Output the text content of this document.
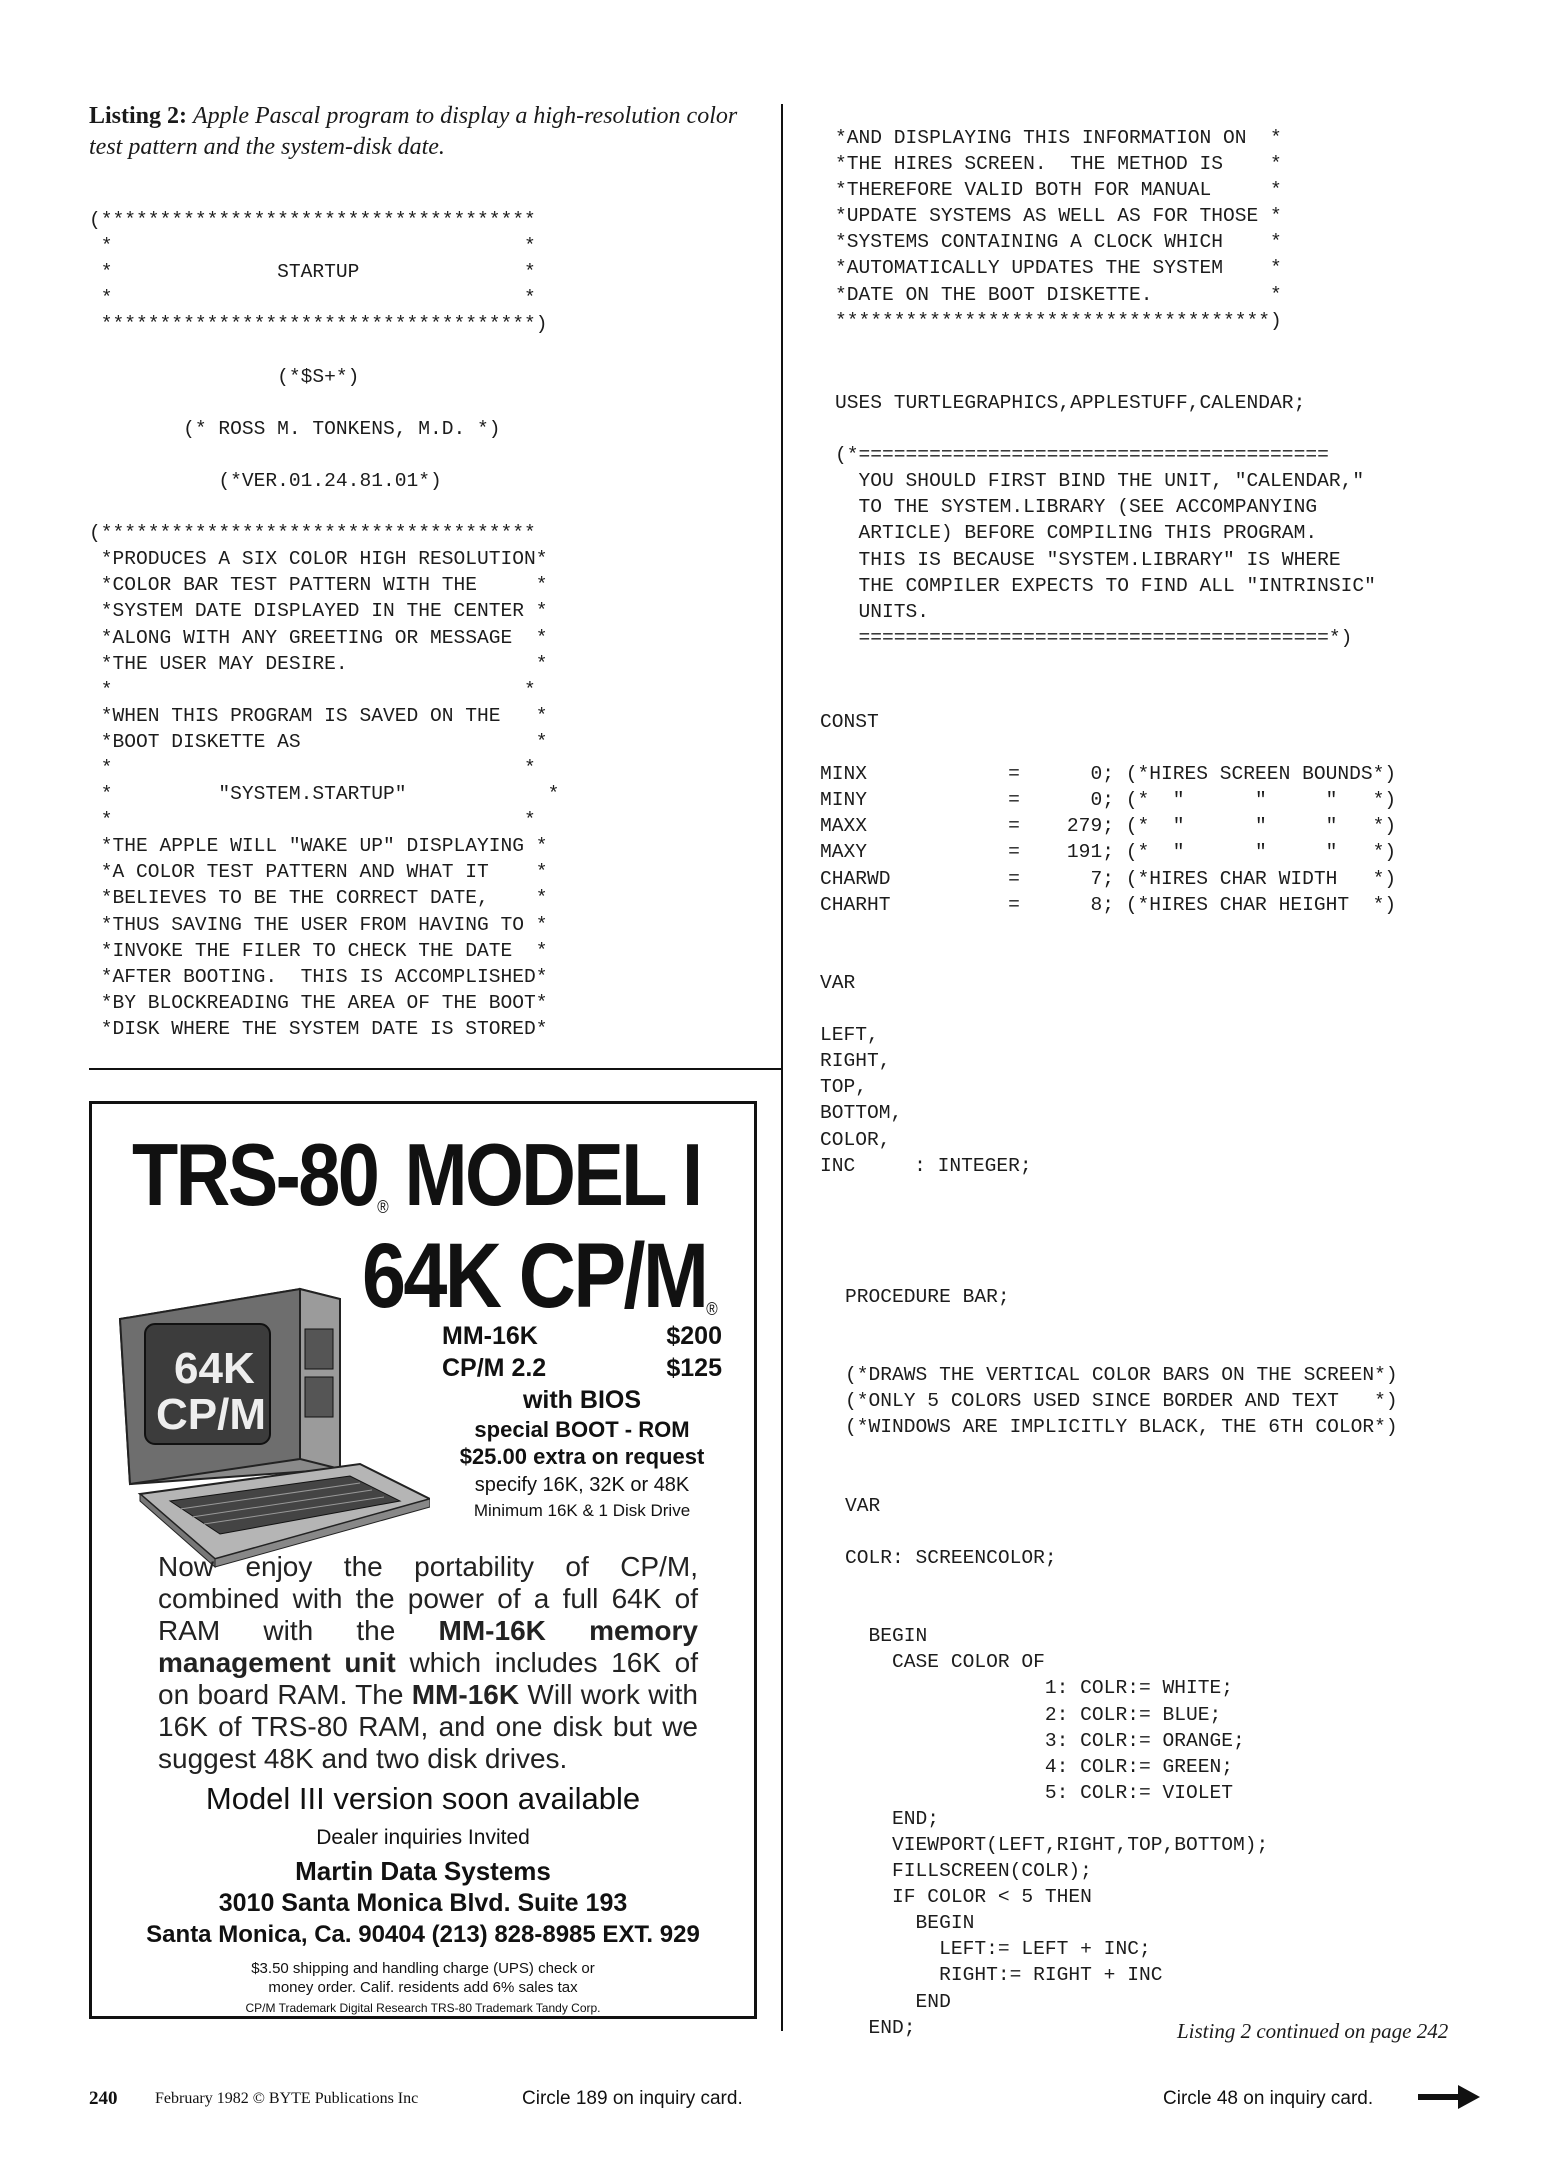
Listing 2: Apple Pascal program to display a high-resolution color test pattern and the system-disk date.
(*************************************
*                                   *
*              STARTUP              *
*                                   *
*************************************)

(*$S+*)

(* ROSS M. TONKENS, M.D. *)

(*VER.01.24.81.01*)

(*************************************
*PRODUCES A SIX COLOR HIGH RESOLUTION*
*COLOR BAR TEST PATTERN WITH THE     *
*SYSTEM DATE DISPLAYED IN THE CENTER *
*ALONG WITH ANY GREETING OR MESSAGE  *
*THE USER MAY DESIRE.                *
*                                   *
*WHEN THIS PROGRAM IS SAVED ON THE   *
*BOOT DISKETTE AS                    *
*                                   *
*         "SYSTEM.STARTUP"            *
*                                   *
*THE APPLE WILL "WAKE UP" DISPLAYING *
*A COLOR TEST PATTERN AND WHAT IT    *
*BELIEVES TO BE THE CORRECT DATE,    *
*THUS SAVING THE USER FROM HAVING TO *
*INVOKE THE FILER TO CHECK THE DATE  *
*AFTER BOOTING.  THIS IS ACCOMPLISHED*
*BY BLOCKREADING THE AREA OF THE BOOT*
*DISK WHERE THE SYSTEM DATE IS STORED*
*AND DISPLAYING THIS INFORMATION ON  *
*THE HIRES SCREEN.  THE METHOD IS    *
*THEREFORE VALID BOTH FOR MANUAL     *
*UPDATE SYSTEMS AS WELL AS FOR THOSE *
*SYSTEMS CONTAINING A CLOCK WHICH    *
*AUTOMATICALLY UPDATES THE SYSTEM    *
*DATE ON THE BOOT DISKETTE.          *
*************************************)
USES TURTLEGRAPHICS,APPLESTUFF,CALENDAR;

(*========================================
YOU SHOULD FIRST BIND THE UNIT, "CALENDAR,"
TO THE SYSTEM.LIBRARY (SEE ACCOMPANYING
ARTICLE) BEFORE COMPILING THIS PROGRAM.
THIS IS BECAUSE "SYSTEM.LIBRARY" IS WHERE
THE COMPILER EXPECTS TO FIND ALL "INTRINSIC"
UNITS.
========================================*)
CONST

MINX            =      0; (*HIRES SCREEN BOUNDS*)
MINY            =      0; (*  "      "     "   *)
MAXX            =    279; (*  "      "     "   *)
MAXY            =    191; (*  "      "     "   *)
CHARWD          =      7; (*HIRES CHAR WIDTH   *)
CHARHT          =      8; (*HIRES CHAR HEIGHT  *)

VAR

LEFT,
RIGHT,
TOP,
BOTTOM,
COLOR,
INC     : INTEGER;
PROCEDURE BAR;

(*DRAWS THE VERTICAL COLOR BARS ON THE SCREEN*)
(*ONLY 5 COLORS USED SINCE BORDER AND TEXT   *)
(*WINDOWS ARE IMPLICITLY BLACK, THE 6TH COLOR*)

VAR

COLR: SCREENCOLOR;

BEGIN
CASE COLOR OF
1: COLR:= WHITE;
2: COLR:= BLUE;
3: COLR:= ORANGE;
4: COLR:= GREEN;
5: COLR:= VIOLET
END;
VIEWPORT(LEFT,RIGHT,TOP,BOTTOM);
FILLSCREEN(COLR);
IF COLOR < 5 THEN
BEGIN
LEFT:= LEFT + INC;
RIGHT:= RIGHT + INC
END
END;	Listing 2 continued on page 242
TRS-80® MODEL I
64K CP/M®
64K
CP/M
MM-16K	$200
CP/M 2.2	$125
with BIOS
special BOOT - ROM
$25.00 extra on request
specify 16K, 32K or 48K
Minimum 16K & 1 Disk Drive
Now enjoy the portability of CP/M, combined with the power of a full 64K of RAM with the MM-16K memory management unit which includes 16K of on board RAM. The MM-16K Will work with 16K of TRS-80 RAM, and one disk but we suggest 48K and two disk drives.
Model III version soon available
Dealer inquiries Invited
Martin Data Systems
3010 Santa Monica Blvd. Suite 193
Santa Monica, Ca. 90404 (213) 828-8985 EXT. 929
$3.50 shipping and handling charge (UPS) check or
money order. Calif. residents add 6% sales tax
CP/M Trademark Digital Research TRS-80 Trademark Tandy Corp.
240 February 1982 © BYTE Publications Inc	Circle 189 on inquiry card.	Circle 48 on inquiry card.
